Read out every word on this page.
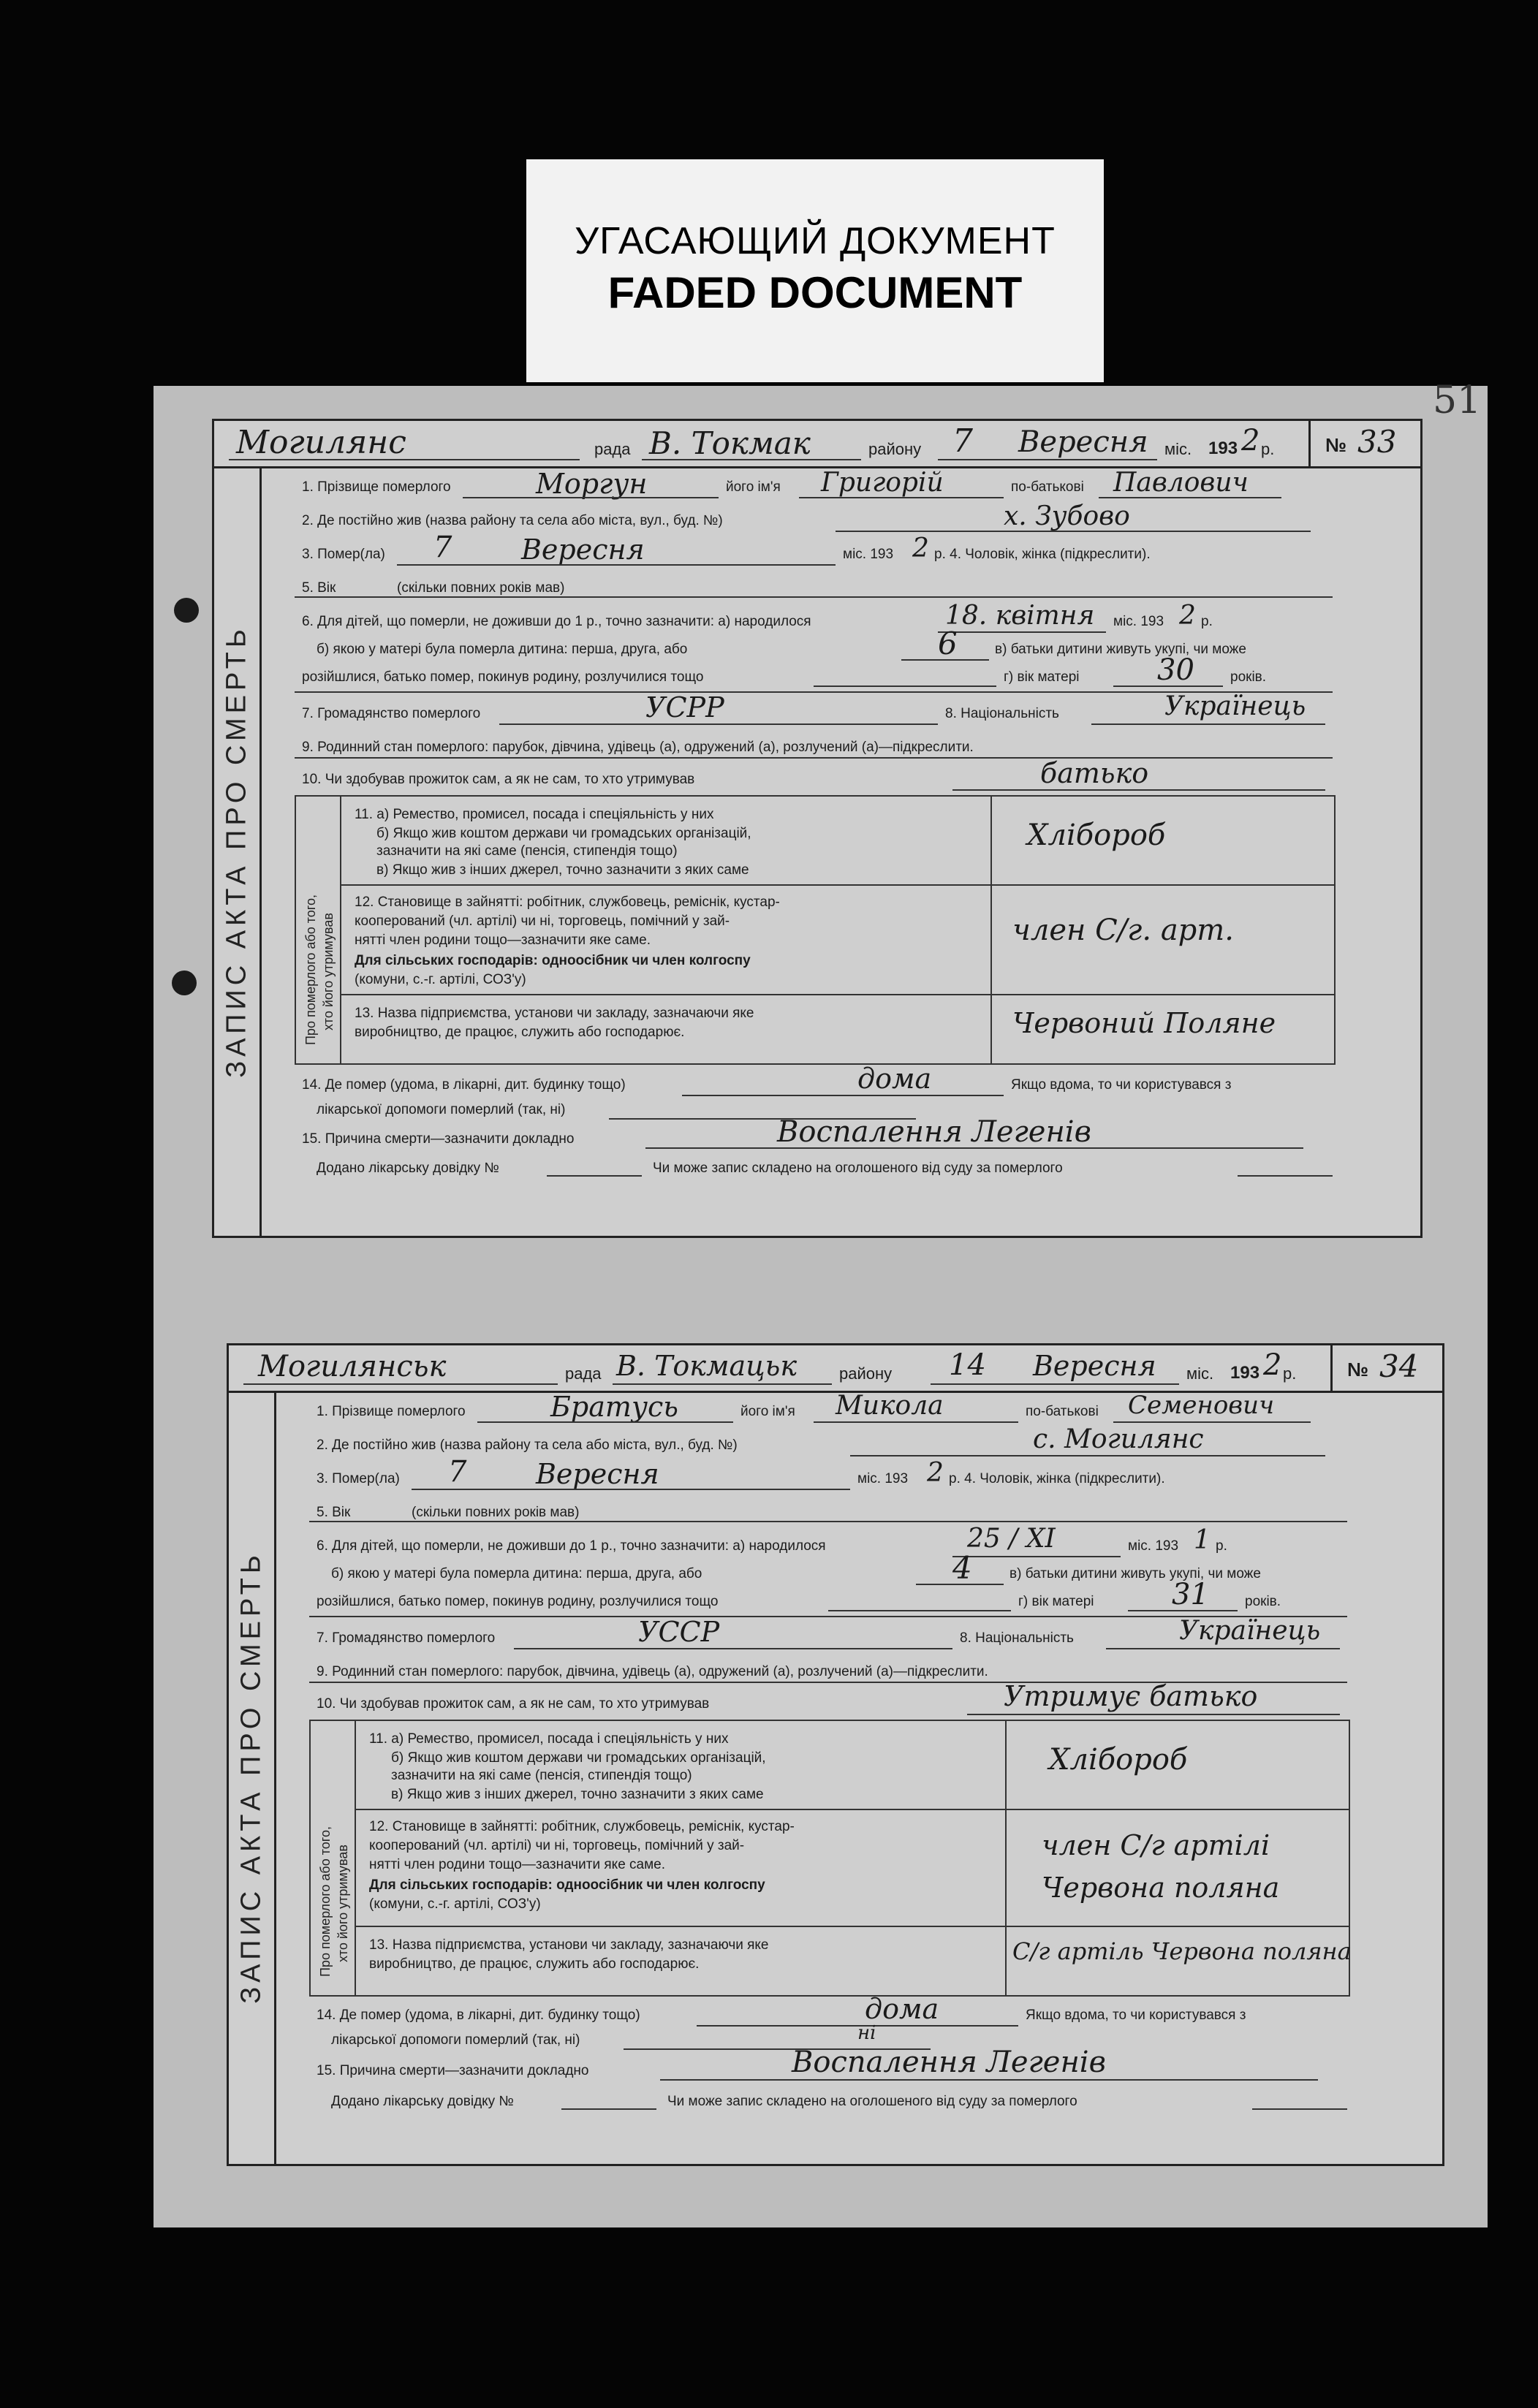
УГАСАЮЩИЙ ДОКУМЕНТ
FADED DOCUMENT
51
Могилянс	рада В. Токмак	району 7 Вересня міс. 193 2 р.	№ 33
ЗАПИС АКТА ПРО СМЕРТЬ
1. Прізвище померлого	Моргун	його ім'я Григорій	по-батькові Павлович
2. Де постійно жив (назва району та села або міста, вул., буд. №)	х. Зубово
3. Помер(ла) 7 Вересня	міс. 193 2 р. 4. Чоловік, жінка (підкреслити).
5. Вік	(скільки повних років мав)
6. Для дітей, що померли, не доживши до 1 р., точно зазначити: а) народилося	18. квітня міс. 193 2 р.
б) якою у матері була померла дитина: перша, друга, або	6	в) батьки дитини живуть укупі, чи може
розійшлися, батько помер, покинув родину, розлучилися тощо	г) вік матері	30	років.
7. Громадянство померлого	УСРР	8. Національність	Українець
9. Родинний стан померлого: парубок, дівчина, удівець (а), одружений (а), розлучений (а)—підкреслити.
10. Чи здобував прожиток сам, а як не сам, то хто утримував	батько
Про померлого або того, хто його утримував
11. а) Ремество, промисел, посада і спеціяльність у них
б) Якщо жив коштом держави чи громадських організацій,
зазначити на які саме (пенсія, стипендія тощо)
в) Якщо жив з інших джерел, точно зазначити з яких саме
Хлібороб
12. Становище в зайнятті: робітник, службовець, реміснік, кустар-
кооперований (чл. артілі) чи ні, торговець, помічний у зай-
нятті член родини тощо—зазначити яке саме.
Для сільських господарів: одноосібник чи член колгоспу
(комуни, с.-г. артілі, СОЗ'у)
член С/г. арт.
13. Назва підприємства, установи чи закладу, зазначаючи яке
виробництво, де працює, служить або господарює.	Червоний Поляне
14. Де помер (удома, в лікарні, дит. будинку тощо)	дома	Якщо вдома, то чи користувався з
лікарської допомоги померлий (так, ні)
15. Причина смерти—зазначити докладно	Воспалення Легенів
Додано лікарську довідку №	Чи може запис складено на оголошеного від суду за померлого
Могилянськ	рада В. Токмацьк	району 14 Вересня міс. 193 2 р.	№ 34
ЗАПИС АКТА ПРО СМЕРТЬ
1. Прізвище померлого	Братусь	його ім'я Микола	по-батькові Семенович
2. Де постійно жив (назва району та села або міста, вул., буд. №)	с. Могилянс
3. Помер(ла) 7 Вересня	міс. 193 2 р. 4. Чоловік, жінка (підкреслити).
5. Вік	(скільки повних років мав)
6. Для дітей, що померли, не доживши до 1 р., точно зазначити: а) народилося	25 / XI	міс. 193 1 р.
б) якою у матері була померла дитина: перша, друга, або	4	в) батьки дитини живуть укупі, чи може
розійшлися, батько помер, покинув родину, розлучилися тощо	г) вік матері	31	років.
7. Громадянство померлого	УССР	8. Національність	Українець
9. Родинний стан померлого: парубок, дівчина, удівець (а), одружений (а), розлучений (а)—підкреслити.
10. Чи здобував прожиток сам, а як не сам, то хто утримував	Утримує батько
Про померлого або того, хто його утримував
11. а) Ремество, промисел, посада і спеціяльність у них
б) Якщо жив коштом держави чи громадських організацій,
зазначити на які саме (пенсія, стипендія тощо)
в) Якщо жив з інших джерел, точно зазначити з яких саме
Хлібороб
12. Становище в зайнятті: робітник, службовець, реміснік, кустар-
кооперований (чл. артілі) чи ні, торговець, помічний у зай-
нятті член родини тощо—зазначити яке саме.
Для сільських господарів: одноосібник чи член колгоспу
(комуни, с.-г. артілі, СОЗ'у)
член С/г артілі
Червона поляна
13. Назва підприємства, установи чи закладу, зазначаючи яке
виробництво, де працює, служить або господарює.	С/г артіль Червона поляна
14. Де помер (удома, в лікарні, дит. будинку тощо)	дома	Якщо вдома, то чи користувався з
лікарської допомоги померлий (так, ні)	ні
15. Причина смерти—зазначити докладно	Воспалення Легенів
Додано лікарську довідку №	Чи може запис складено на оголошеного від суду за померлого
